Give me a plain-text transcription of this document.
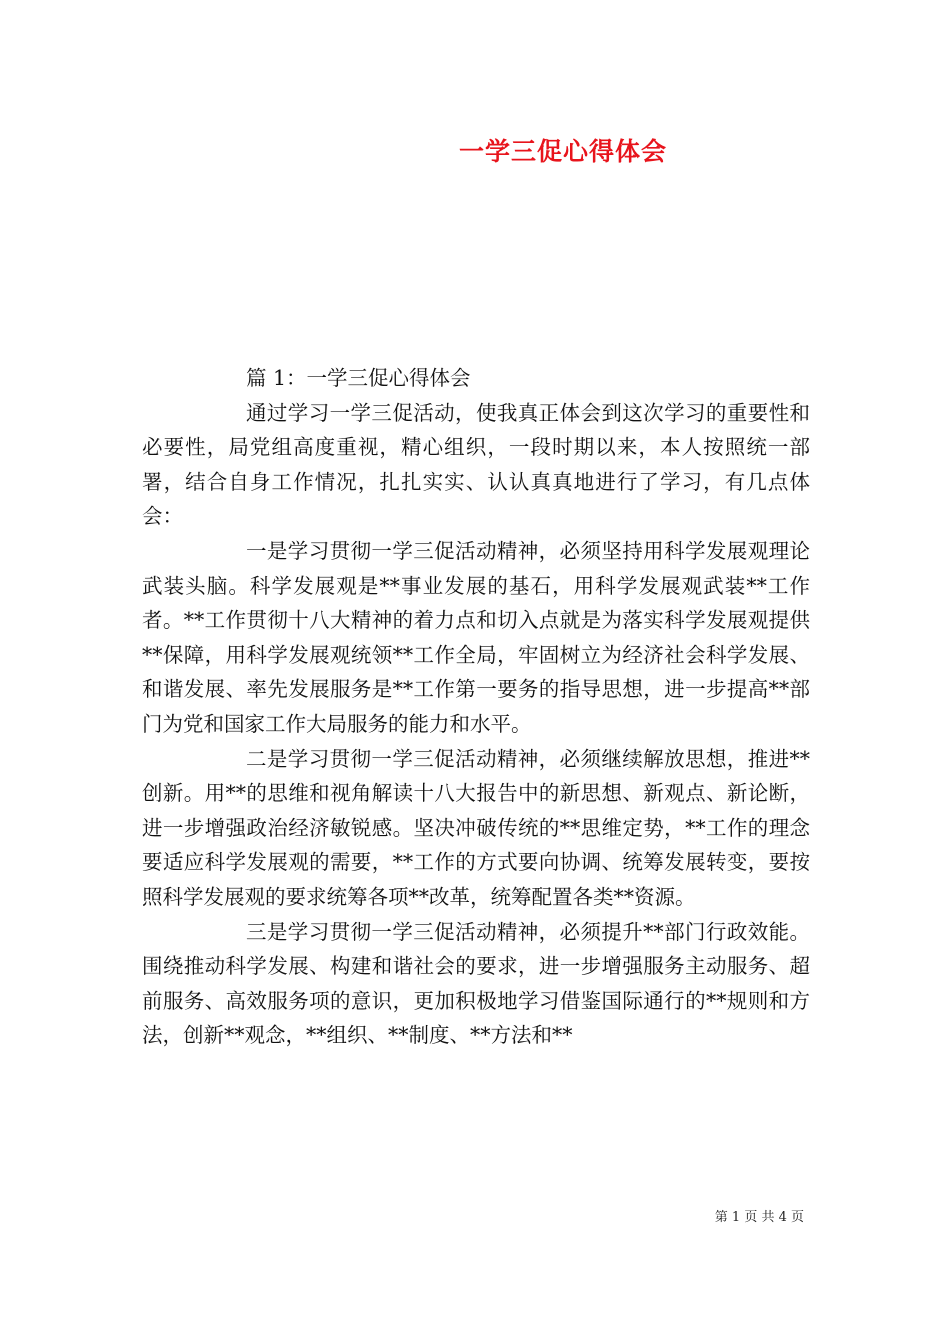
一学三促心得体会

篇 1：一学三促心得体会

通过学习一学三促活动，使我真正体会到这次学习的重要性和必要性，局党组高度重视，精心组织，一段时期以来，本人按照统一部署，结合自身工作情况，扎扎实实、认认真真地进行了学习，有几点体会：

一是学习贯彻一学三促活动精神，必须坚持用科学发展观理论武装头脑。科学发展观是**事业发展的基石，用科学发展观武装**工作者。**工作贯彻十八大精神的着力点和切入点就是为落实科学发展观提供**保障，用科学发展观统领**工作全局，牢固树立为经济社会科学发展、和谐发展、率先发展服务是**工作第一要务的指导思想，进一步提高**部门为党和国家工作大局服务的能力和水平。

二是学习贯彻一学三促活动精神，必须继续解放思想，推进**创新。用**的思维和视角解读十八大报告中的新思想、新观点、新论断，进一步增强政治经济敏锐感。坚决冲破传统的**思维定势，**工作的理念要适应科学发展观的需要，**工作的方式要向协调、统筹发展转变，要按照科学发展观的要求统筹各项**改革，统筹配置各类**资源。

三是学习贯彻一学三促活动精神，必须提升**部门行政效能。围绕推动科学发展、构建和谐社会的要求，进一步增强服务主动服务、超前服务、高效服务项的意识，更加积极地学习借鉴国际通行的**规则和方法，创新**观念，**组织、**制度、**方法和**

第 1 页 共 4 页
